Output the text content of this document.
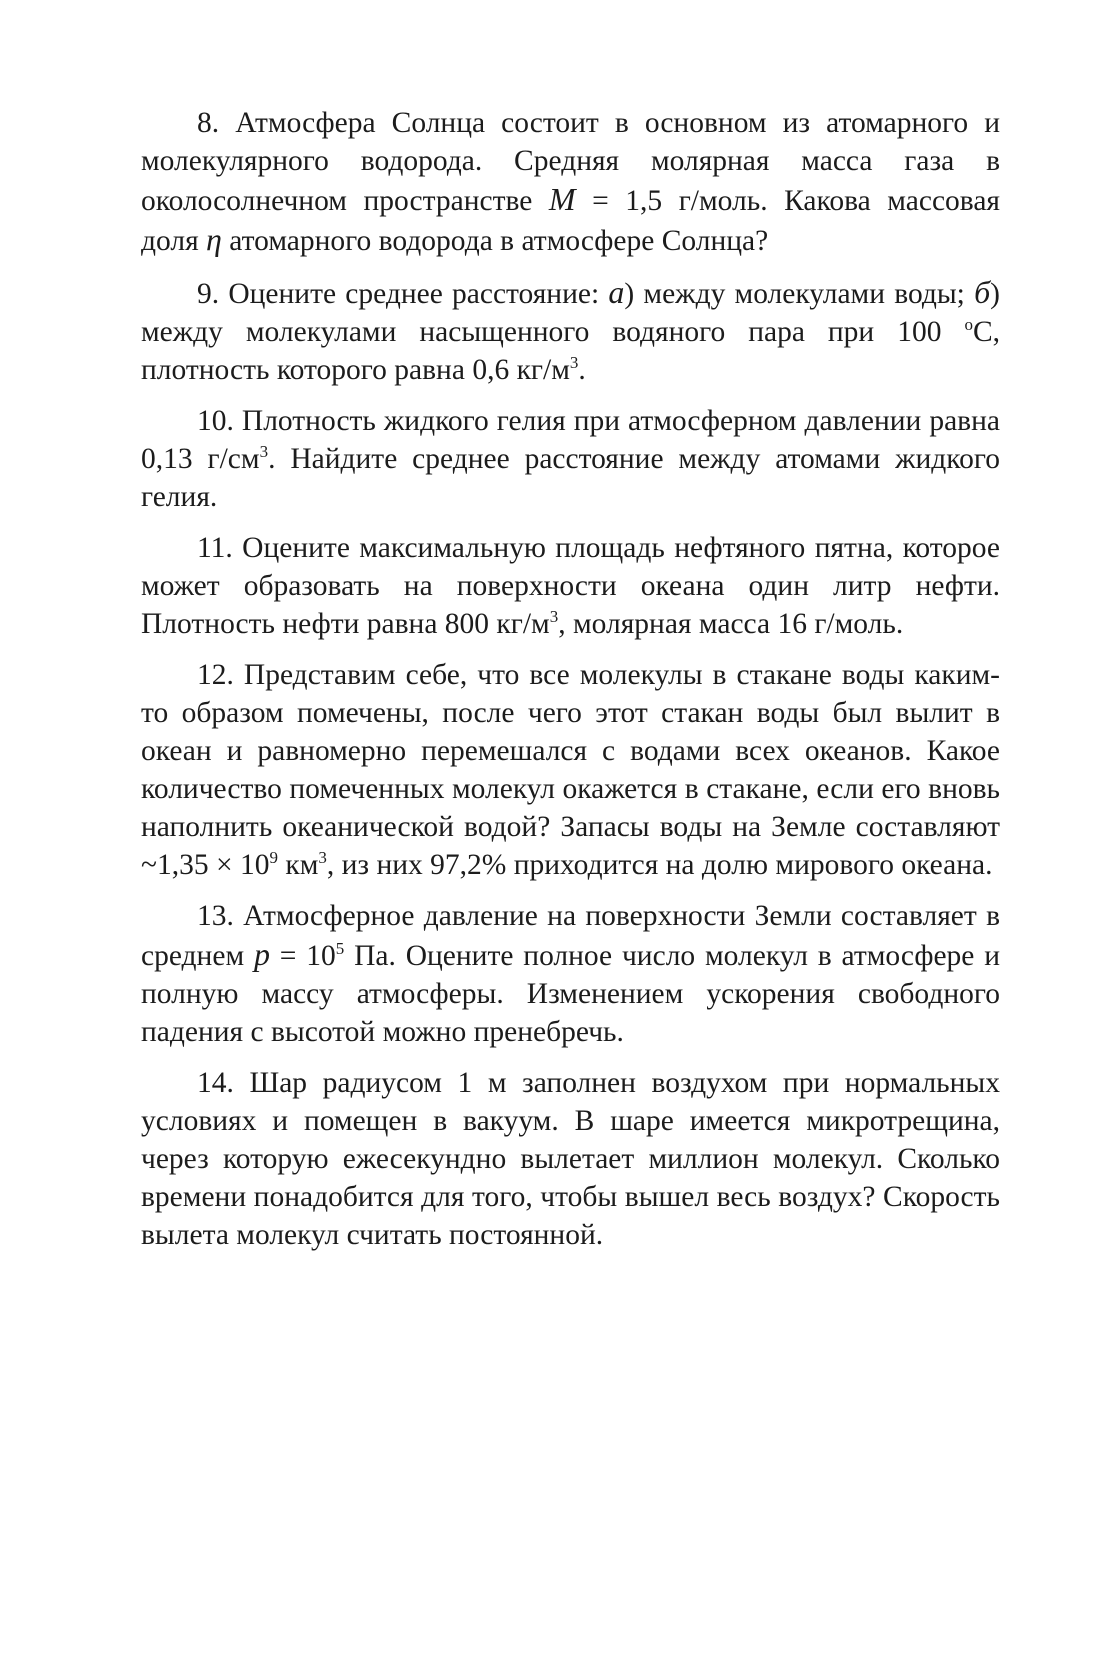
8. Атмосфера Солнца состоит в основном из атомарного и молекулярного водорода. Средняя молярная масса газа в околосолнечном пространстве M = 1,5 г/моль. Какова массовая доля η атомарного водорода в атмосфере Солнца?

9. Оцените среднее расстояние: а) между молекулами воды; б) между молекулами насыщенного водяного пара при 100 $^o$С, плотность которого равна 0,6 $кг/м^3$.

10. Плотность жидкого гелия при атмосферном давлении равна 0,13 $г/см^3$. Найдите среднее расстояние между атомами жидкого гелия.

11. Оцените максимальную площадь нефтяного пятна, которое может образовать на поверхности океана один литр нефти. Плотность нефти равна 800 $кг/м^3$, молярная масса 16 г/моль.

12. Представим себе, что все молекулы в стакане воды каким-то образом помечены, после чего этот стакан воды был вылит в океан и равномерно перемешался с водами всех океанов. Какое количество помеченных молекул окажется в стакане, если его вновь наполнить океанической водой? Запасы воды на Земле составляют ~1,35 × $10^9$ $км^3$, из них 97,2% приходится на долю мирового океана.

13. Атмосферное давление на поверхности Земли составляет в среднем $p = 10^5$ Па. Оцените полное число молекул в атмосфере и полную массу атмосферы. Изменением ускорения свободного падения с высотой можно пренебречь.

14. Шар радиусом 1 м заполнен воздухом при нормальных условиях и помещен в вакуум. В шаре имеется микротрещина, через которую ежесекундно вылетает миллион молекул. Сколько времени понадобится для того, чтобы вышел весь воздух? Скорость вылета молекул считать постоянной.
